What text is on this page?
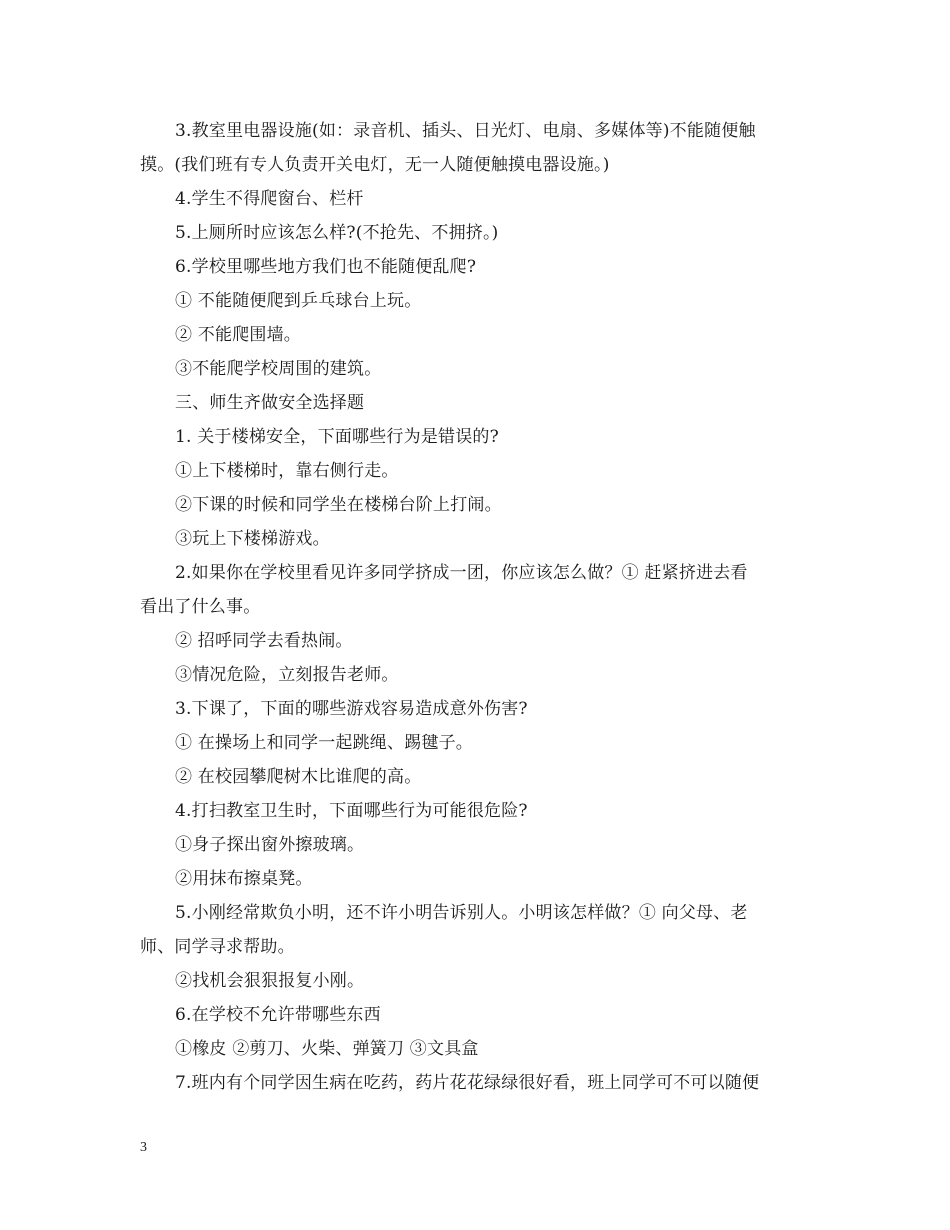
3.教室里电器设施(如：录音机、插头、日光灯、电扇、多媒体等)不能随便触
摸。(我们班有专人负责开关电灯，无一人随便触摸电器设施。)
4.学生不得爬窗台、栏杆
5.上厕所时应该怎么样?(不抢先、不拥挤。)
6.学校里哪些地方我们也不能随便乱爬?
① 不能随便爬到乒乓球台上玩。
② 不能爬围墙。
③不能爬学校周围的建筑。
三、师生齐做安全选择题
1. 关于楼梯安全，下面哪些行为是错误的?
①上下楼梯时，靠右侧行走。
②下课的时候和同学坐在楼梯台阶上打闹。
③玩上下楼梯游戏。
2.如果你在学校里看见许多同学挤成一团，你应该怎么做？① 赶紧挤进去看
看出了什么事。
② 招呼同学去看热闹。
③情况危险，立刻报告老师。
3.下课了，下面的哪些游戏容易造成意外伤害?
① 在操场上和同学一起跳绳、踢毽子。
② 在校园攀爬树木比谁爬的高。
4.打扫教室卫生时，下面哪些行为可能很危险?
①身子探出窗外擦玻璃。
②用抹布擦桌凳。
5.小刚经常欺负小明，还不许小明告诉别人。小明该怎样做？① 向父母、老
师、同学寻求帮助。
②找机会狠狠报复小刚。
6.在学校不允许带哪些东西
①橡皮 ②剪刀、火柴、弹簧刀 ③文具盒
7.班内有个同学因生病在吃药，药片花花绿绿很好看，班上同学可不可以随便
3
